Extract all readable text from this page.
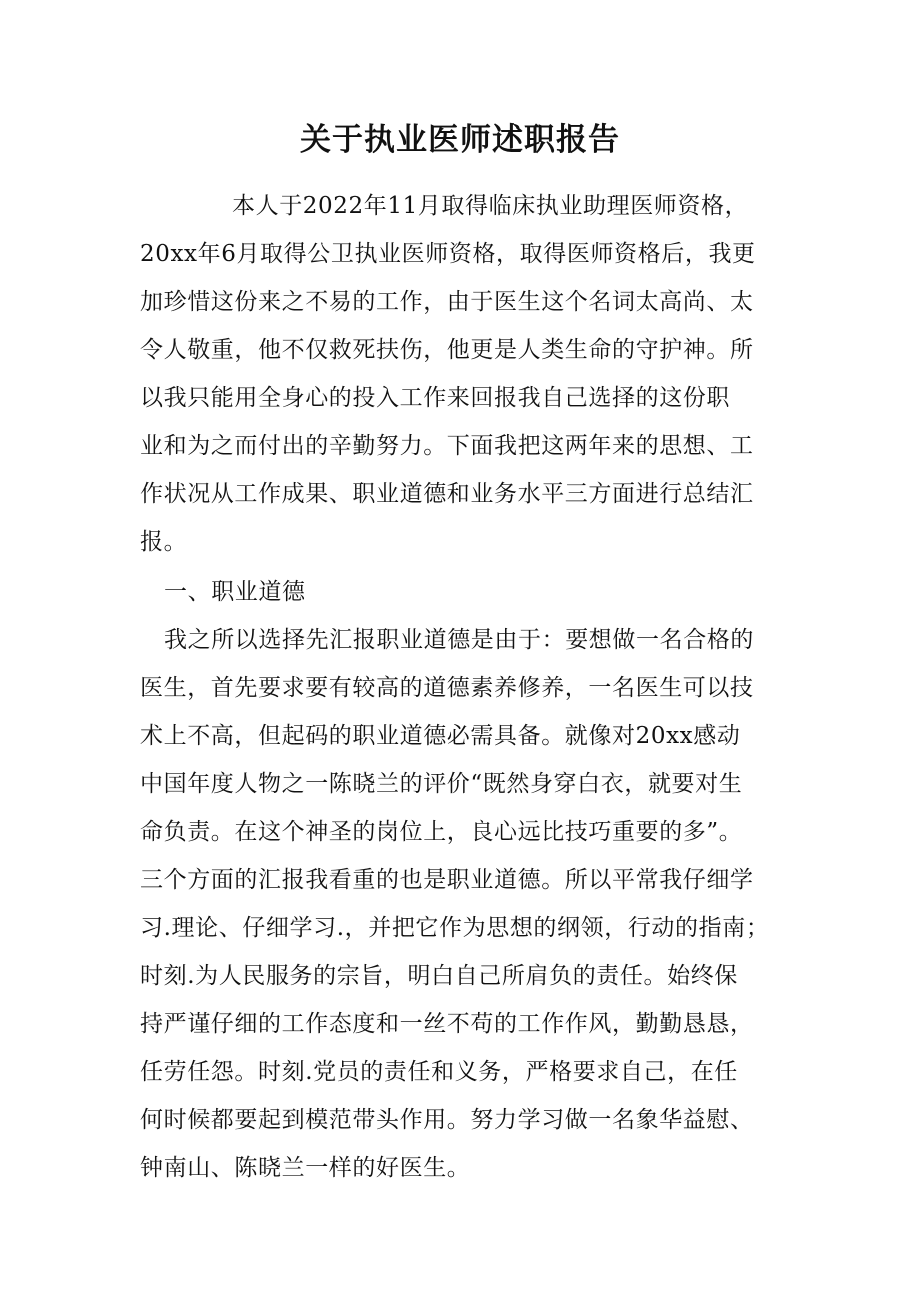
关于执业医师述职报告
本人于2022年11月取得临床执业助理医师资格，
20xx年6月取得公卫执业医师资格，取得医师资格后，我更
加珍惜这份来之不易的工作，由于医生这个名词太高尚、太
令人敬重，他不仅救死扶伤，他更是人类生命的守护神。所
以我只能用全身心的投入工作来回报我自己选择的这份职
业和为之而付出的辛勤努力。下面我把这两年来的思想、工
作状况从工作成果、职业道德和业务水平三方面进行总结汇
报。
一、职业道德
我之所以选择先汇报职业道德是由于：要想做一名合格的
医生，首先要求要有较高的道德素养修养，一名医生可以技
术上不高，但起码的职业道德必需具备。就像对20xx感动
中国年度人物之一陈晓兰的评价“既然身穿白衣，就要对生
命负责。在这个神圣的岗位上，良心远比技巧重要的多”。
三个方面的汇报我看重的也是职业道德。所以平常我仔细学
习.理论、仔细学习.，并把它作为思想的纲领，行动的指南；
时刻.为人民服务的宗旨，明白自己所肩负的责任。始终保
持严谨仔细的工作态度和一丝不苟的工作作风，勤勤恳恳，
任劳任怨。时刻.党员的责任和义务，严格要求自己，在任
何时候都要起到模范带头作用。努力学习做一名象华益慰、
钟南山、陈晓兰一样的好医生。
